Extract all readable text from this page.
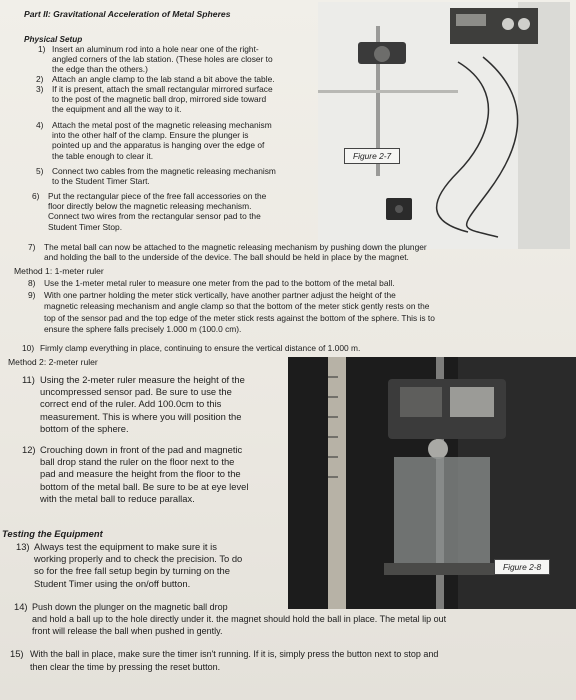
Part II: Gravitational Acceleration of Metal Spheres
Figure 2-7
Figure 2-8
Physical Setup
1) Insert an aluminum rod into a hole near one of the right-
angled corners of the lab station. (These holes are closer to
the edge than the others.)
2) Attach an angle clamp to the lab stand a bit above the table.
3) If it is present, attach the small rectangular mirrored surface
to the post of the magnetic ball drop, mirrored side toward
the equipment and all the way to it.
4) Attach the metal post of the magnetic releasing mechanism
into the other half of the clamp. Ensure the plunger is
pointed up and the apparatus is hanging over the edge of
the table enough to clear it.
5) Connect two cables from the magnetic releasing mechanism
to the Student Timer Start.
6) Put the rectangular piece of the free fall accessories on the
floor directly below the magnetic releasing mechanism.
Connect two wires from the rectangular sensor pad to the
Student Timer Stop.
7) The metal ball can now be attached to the magnetic releasing mechanism by pushing down the plunger
and holding the ball to the underside of the device. The ball should be held in place by the magnet.
Method 1: 1-meter ruler
8) Use the 1-meter metal ruler to measure one meter from the pad to the bottom of the metal ball.
9) With one partner holding the meter stick vertically, have another partner adjust the height of the
magnetic releasing mechanism and angle clamp so that the bottom of the meter stick gently rests on the
top of the sensor pad and the top edge of the meter stick rests against the bottom of the sphere. This is to
ensure the sphere falls precisely 1.000 m (100.0 cm).
10) Firmly clamp everything in place, continuing to ensure the vertical distance of 1.000 m.
Method 2: 2-meter ruler
11) Using the 2-meter ruler measure the height of the
uncompressed sensor pad. Be sure to use the
correct end of the ruler. Add 100.0cm to this
measurement. This is where you will position the
bottom of the sphere.
12) Crouching down in front of the pad and magnetic
ball drop stand the ruler on the floor next to the
pad and measure the height from the floor to the
bottom of the metal ball. Be sure to be at eye level
with the metal ball to reduce parallax.
Testing the Equipment
13) Always test the equipment to make sure it is
working properly and to check the precision. To do
so for the free fall setup begin by turning on the
Student Timer using the on/off button.
14) Push down the plunger on the magnetic ball drop
and hold a ball up to the hole directly under it. the magnet should hold the ball in place. The metal lip out
front will release the ball when pushed in gently.
15) With the ball in place, make sure the timer isn't running. If it is, simply press the button next to stop and
then clear the time by pressing the reset button.
